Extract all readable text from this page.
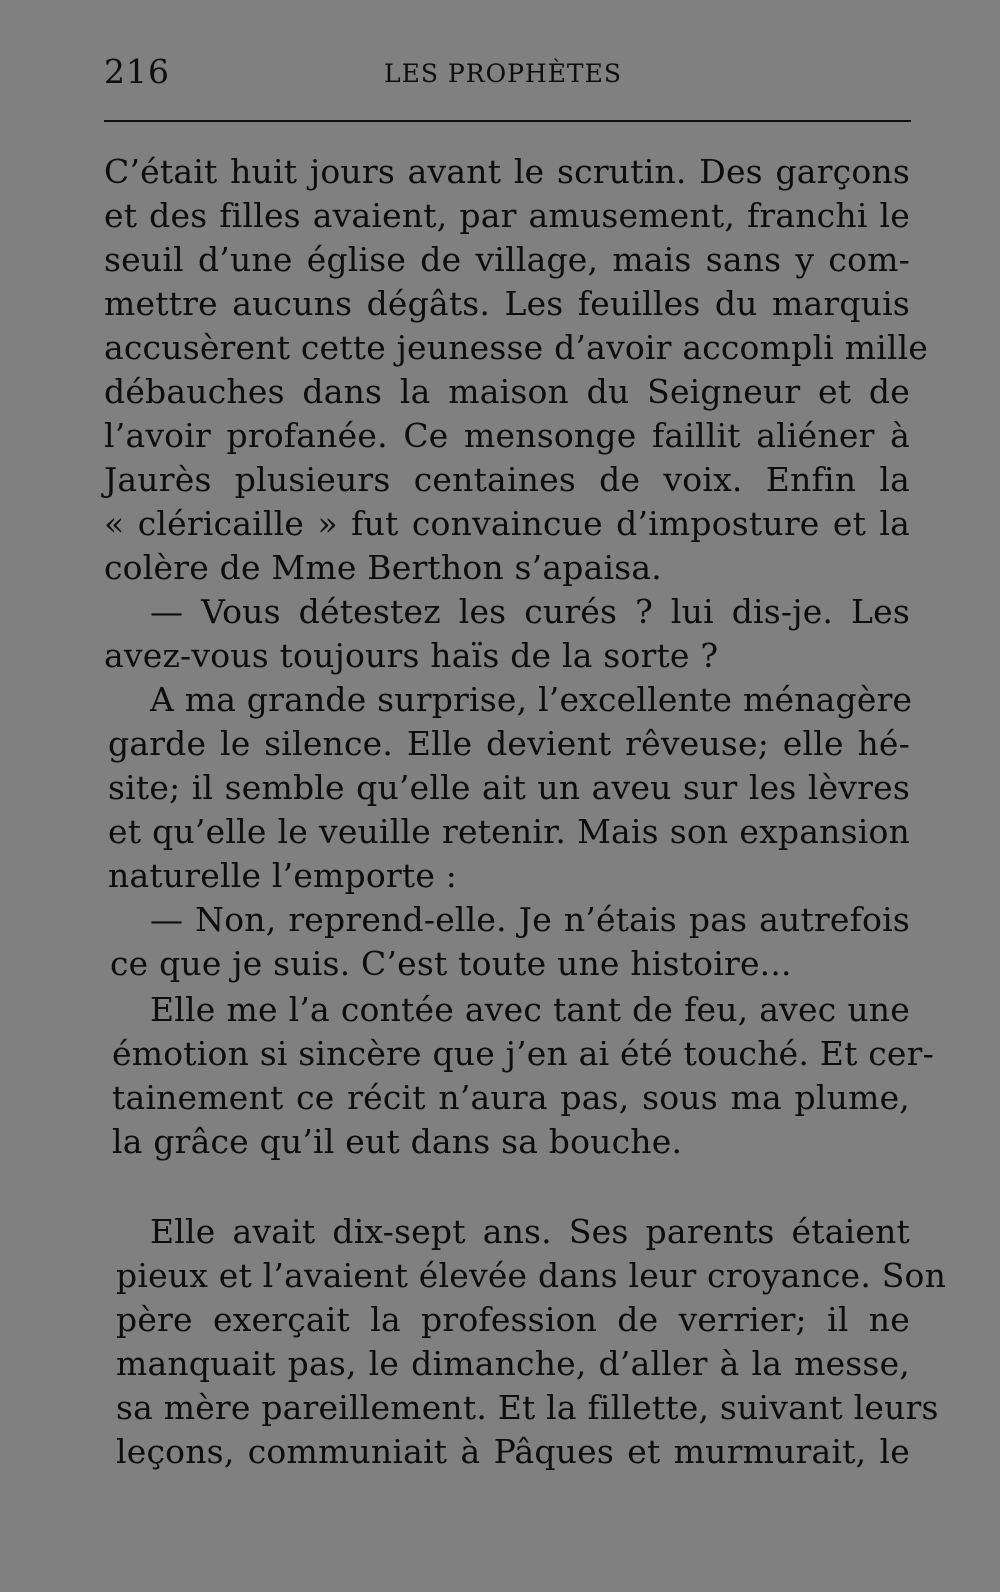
216	LES PROPHÈTES
C’était huit jours avant le scrutin. Des garçons
et des filles avaient, par amusement, franchi le
seuil d’une église de village, mais sans y com-
mettre aucuns dégâts. Les feuilles du marquis
accusèrent cette jeunesse d’avoir accompli mille
débauches dans la maison du Seigneur et de
l’avoir profanée. Ce mensonge faillit aliéner à
Jaurès plusieurs centaines de voix. Enfin la
« cléricaille » fut convaincue d’imposture et la
colère de Mme Berthon s’apaisa.
— Vous détestez les curés ? lui dis-je. Les
avez-vous toujours haïs de la sorte ?
A ma grande surprise, l’excellente ménagère
garde le silence. Elle devient rêveuse; elle hé-
site; il semble qu’elle ait un aveu sur les lèvres
et qu’elle le veuille retenir. Mais son expansion
naturelle l’emporte :
— Non, reprend-elle. Je n’étais pas autrefois
ce que je suis. C’est toute une histoire...
Elle me l’a contée avec tant de feu, avec une
émotion si sincère que j’en ai été touché. Et cer-
tainement ce récit n’aura pas, sous ma plume,
la grâce qu’il eut dans sa bouche.
Elle avait dix-sept ans. Ses parents étaient
pieux et l’avaient élevée dans leur croyance. Son
père exerçait la profession de verrier; il ne
manquait pas, le dimanche, d’aller à la messe,
sa mère pareillement. Et la fillette, suivant leurs
leçons, communiait à Pâques et murmurait, le
